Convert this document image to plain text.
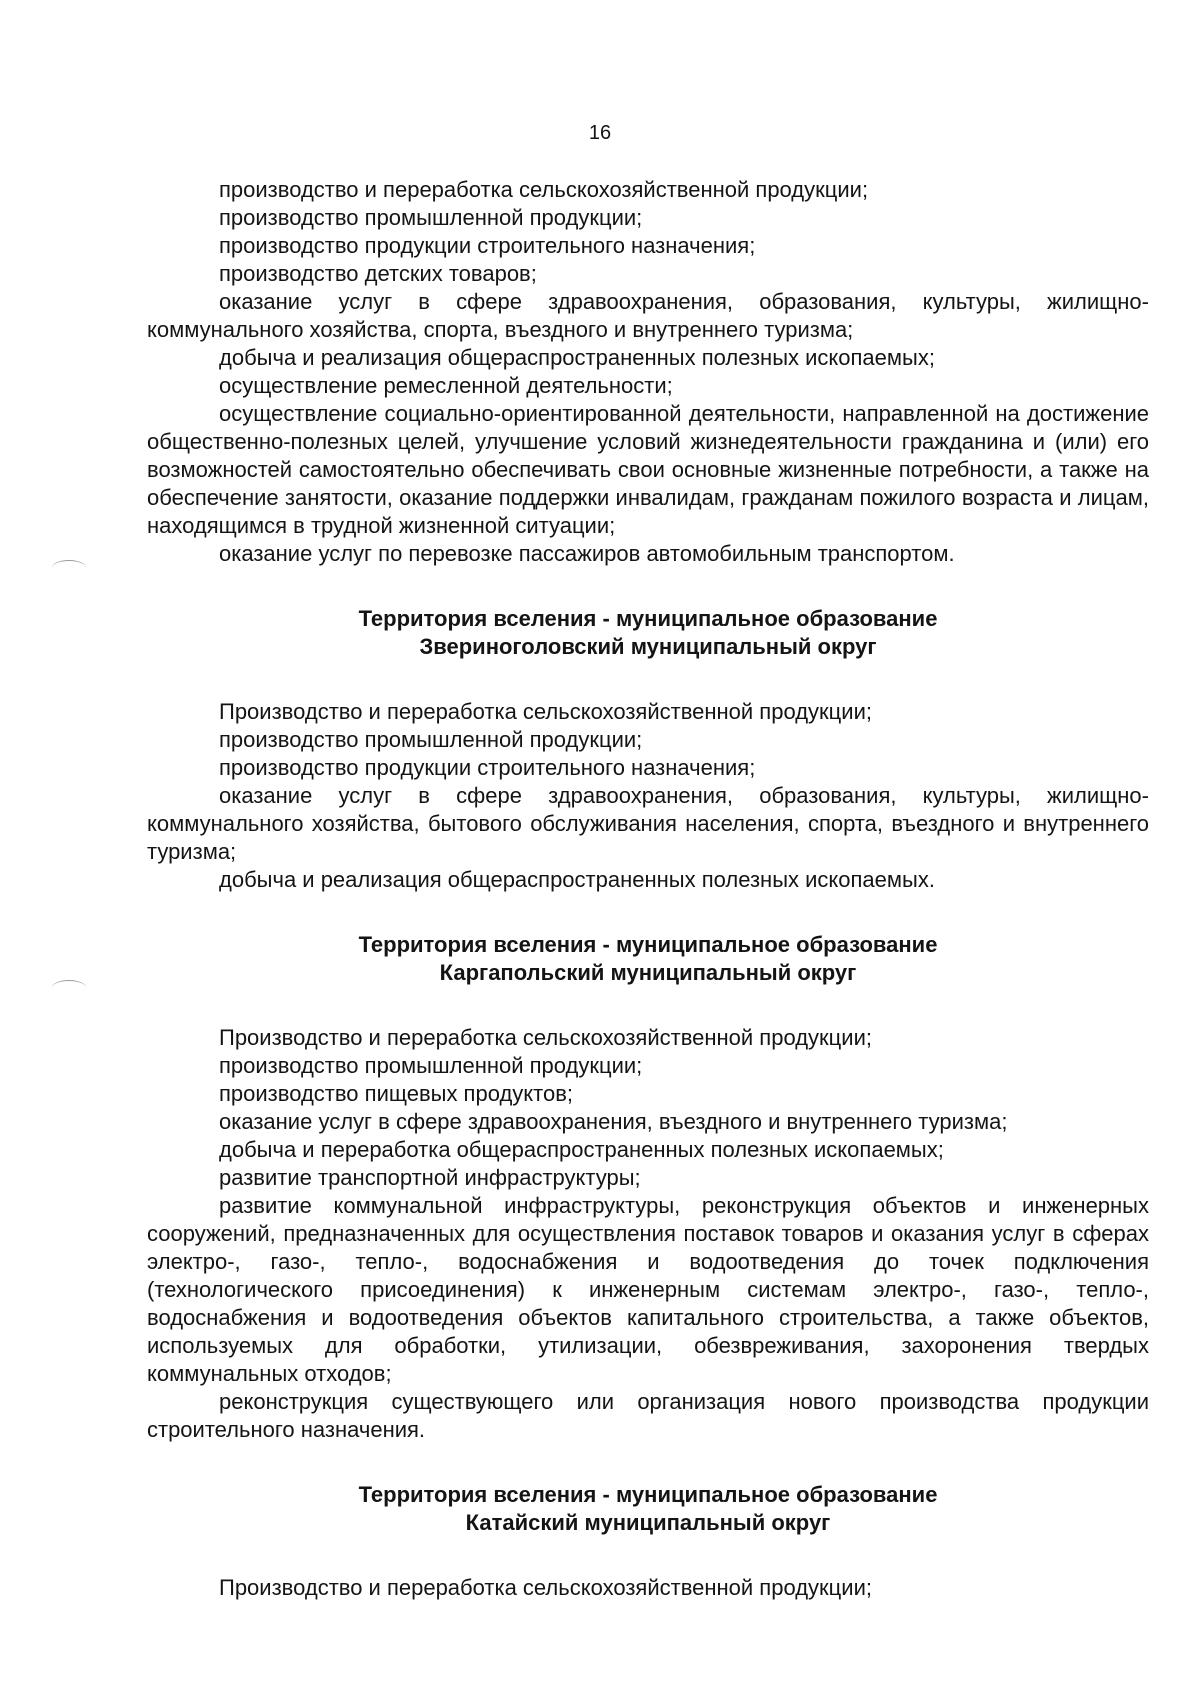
16

производство и переработка сельскохозяйственной продукции;

производство промышленной продукции;

производство продукции строительного назначения;

производство детских товаров;

оказание услуг в сфере здравоохранения, образования, культуры, жилищно-коммунального хозяйства, спорта, въездного и внутреннего туризма;

добыча и реализация общераспространенных полезных ископаемых;

осуществление ремесленной деятельности;

осуществление социально-ориентированной деятельности, направленной на достижение общественно-полезных целей, улучшение условий жизнедеятельности гражданина и (или) его возможностей самостоятельно обеспечивать свои основные жизненные потребности, а также на обеспечение занятости, оказание поддержки инвалидам, гражданам пожилого возраста и лицам, находящимся в трудной жизненной ситуации;

оказание услуг по перевозке пассажиров автомобильным транспортом.

Территория вселения - муниципальное образование

Звериноголовский муниципальный округ

Производство и переработка сельскохозяйственной продукции;

производство промышленной продукции;

производство продукции строительного назначения;

оказание услуг в сфере здравоохранения, образования, культуры, жилищно-коммунального хозяйства, бытового обслуживания населения, спорта, въездного и внутреннего туризма;

добыча и реализация общераспространенных полезных ископаемых.

Территория вселения - муниципальное образование

Каргапольский муниципальный округ

Производство и переработка сельскохозяйственной продукции;

производство промышленной продукции;

производство пищевых продуктов;

оказание услуг в сфере здравоохранения, въездного и внутреннего туризма;

добыча и переработка общераспространенных полезных ископаемых;

развитие транспортной инфраструктуры;

развитие коммунальной инфраструктуры, реконструкция объектов и инженерных сооружений, предназначенных для осуществления поставок товаров и оказания услуг в сферах электро-, газо-, тепло-, водоснабжения и водоотведения до точек подключения (технологического присоединения) к инженерным системам электро-, газо-, тепло-, водоснабжения и водоотведения объектов капитального строительства, а также объектов, используемых для обработки, утилизации, обезвреживания, захоронения твердых коммунальных отходов;

реконструкция существующего или организация нового производства продукции строительного назначения.

Территория вселения - муниципальное образование

Катайский муниципальный округ

Производство и переработка сельскохозяйственной продукции;
